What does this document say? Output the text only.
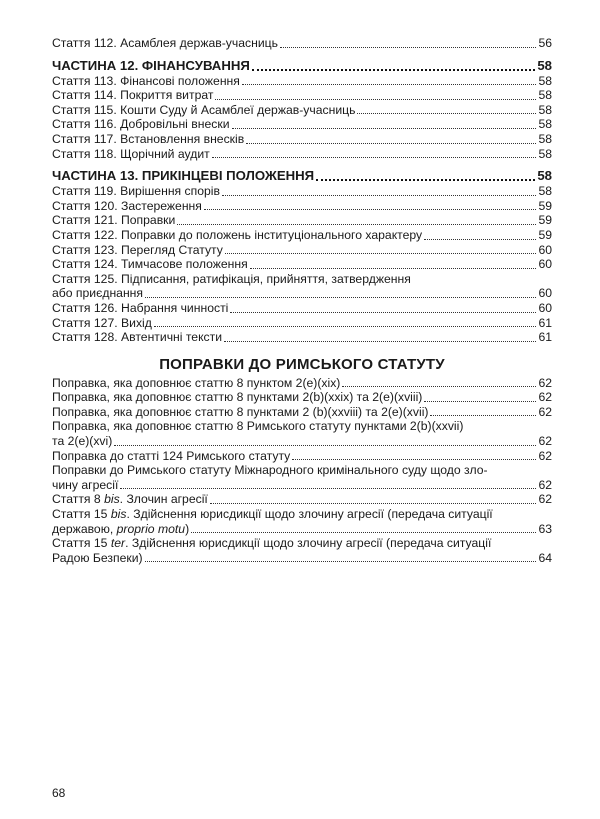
Стаття 112. Асамблея держав-учасниць	56
ЧАСТИНА 12. ФІНАНСУВАННЯ	58
Стаття 113. Фінансові положення	58
Стаття 114. Покриття витрат	58
Стаття 115. Кошти Суду й Асамблеї держав-учасниць	58
Стаття 116. Добровільні внески	58
Стаття 117. Встановлення внесків	58
Стаття 118. Щорічний аудит	58
ЧАСТИНА 13. ПРИКІНЦЕВІ ПОЛОЖЕННЯ	58
Стаття 119. Вирішення спорів	58
Стаття 120. Застереження	59
Стаття 121. Поправки	59
Стаття 122. Поправки до положень інституціонального характеру	59
Стаття 123. Перегляд Статуту	60
Стаття 124. Тимчасове положення	60
Стаття 125. Підписання, ратифікація, прийняття, затвердження
або приєднання	60
Стаття 126. Набрання чинності	60
Стаття 127. Вихід	61
Стаття 128. Автентичні тексти	61
ПОПРАВКИ ДО РИМСЬКОГО СТАТУТУ
Поправка, яка доповнює статтю 8 пунктом 2(e)(xix)	62
Поправка, яка доповнює статтю 8 пунктами 2(b)(xxix) та 2(e)(xviii)	62
Поправка, яка доповнює статтю 8 пунктами 2 (b)(xxviii) та 2(e)(xvii)	62
Поправка, яка доповнює статтю 8 Римського статуту пунктами 2(b)(xxvii)
та 2(e)(xvi)	62
Поправка до статті 124 Римського статуту	62
Поправки до Римського статуту Міжнародного кримінального суду щодо зло-
чину агресії	62
Стаття 8 bis. Злочин агресії	62
Стаття 15 bis. Здійснення юрисдикції щодо злочину агресії (передача ситуації
державою, proprio motu)	63
Стаття 15 ter. Здійснення юрисдикції щодо злочину агресії (передача ситуації
Радою Безпеки)	64
68
